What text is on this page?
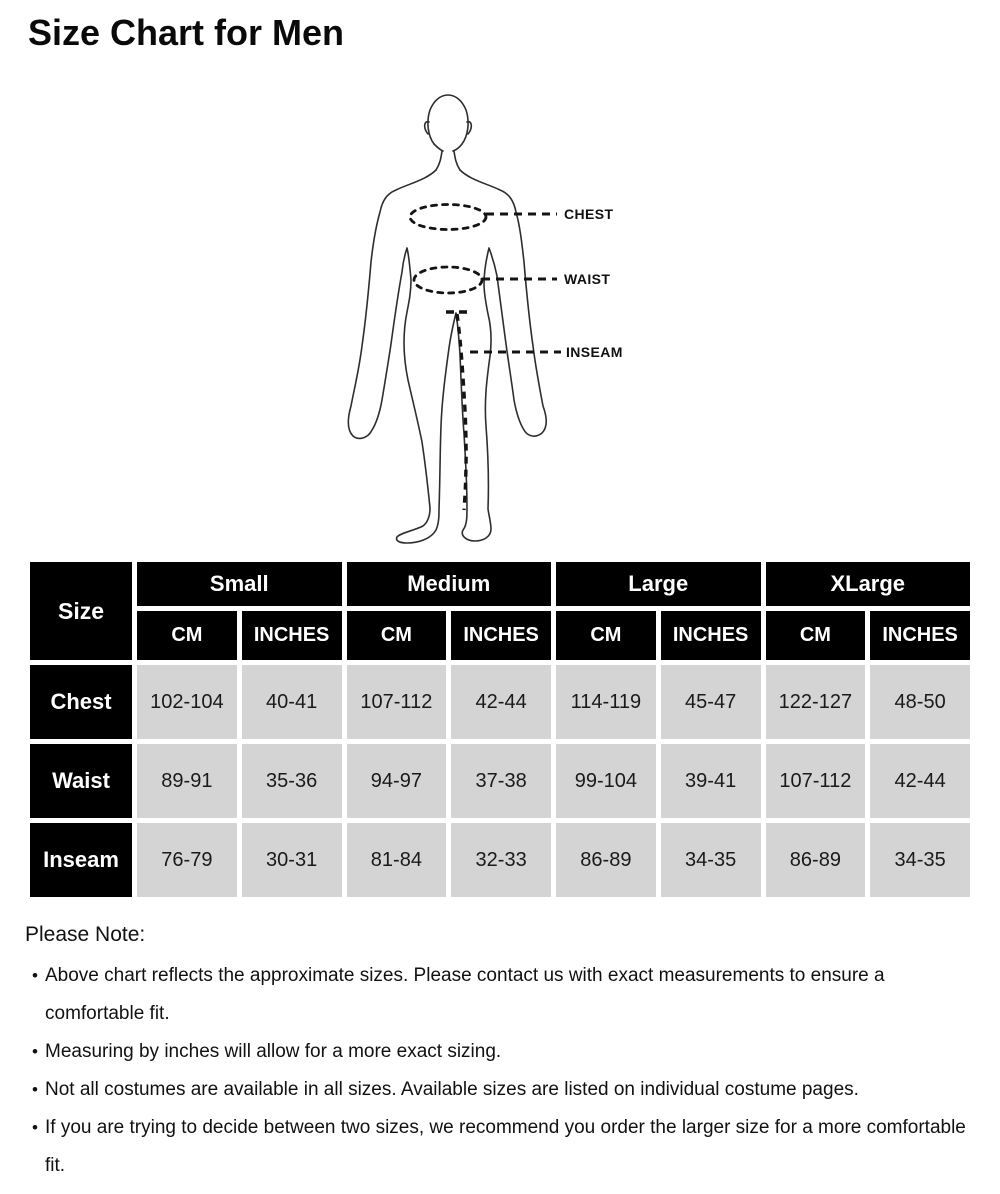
Size Chart for Men
CHEST
WAIST
INSEAM
Size	Small		Medium		Large		XLarge	
	CM	INCHES	CM	INCHES	CM	INCHES	CM	INCHES
Chest	102-104	40-41	107-112	42-44	114-119	45-47	122-127	48-50
Waist	89-91	35-36	94-97	37-38	99-104	39-41	107-112	42-44
Inseam	76-79	30-31	81-84	32-33	86-89	34-35	86-89	34-35

Please Note:

• Above chart reflects the approximate sizes. Please contact us with exact measurements to ensure a comfortable fit.
• Measuring by inches will allow for a more exact sizing.
• Not all costumes are available in all sizes. Available sizes are listed on individual costume pages.
• If you are trying to decide between two sizes, we recommend you order the larger size for a more comfortable fit.
